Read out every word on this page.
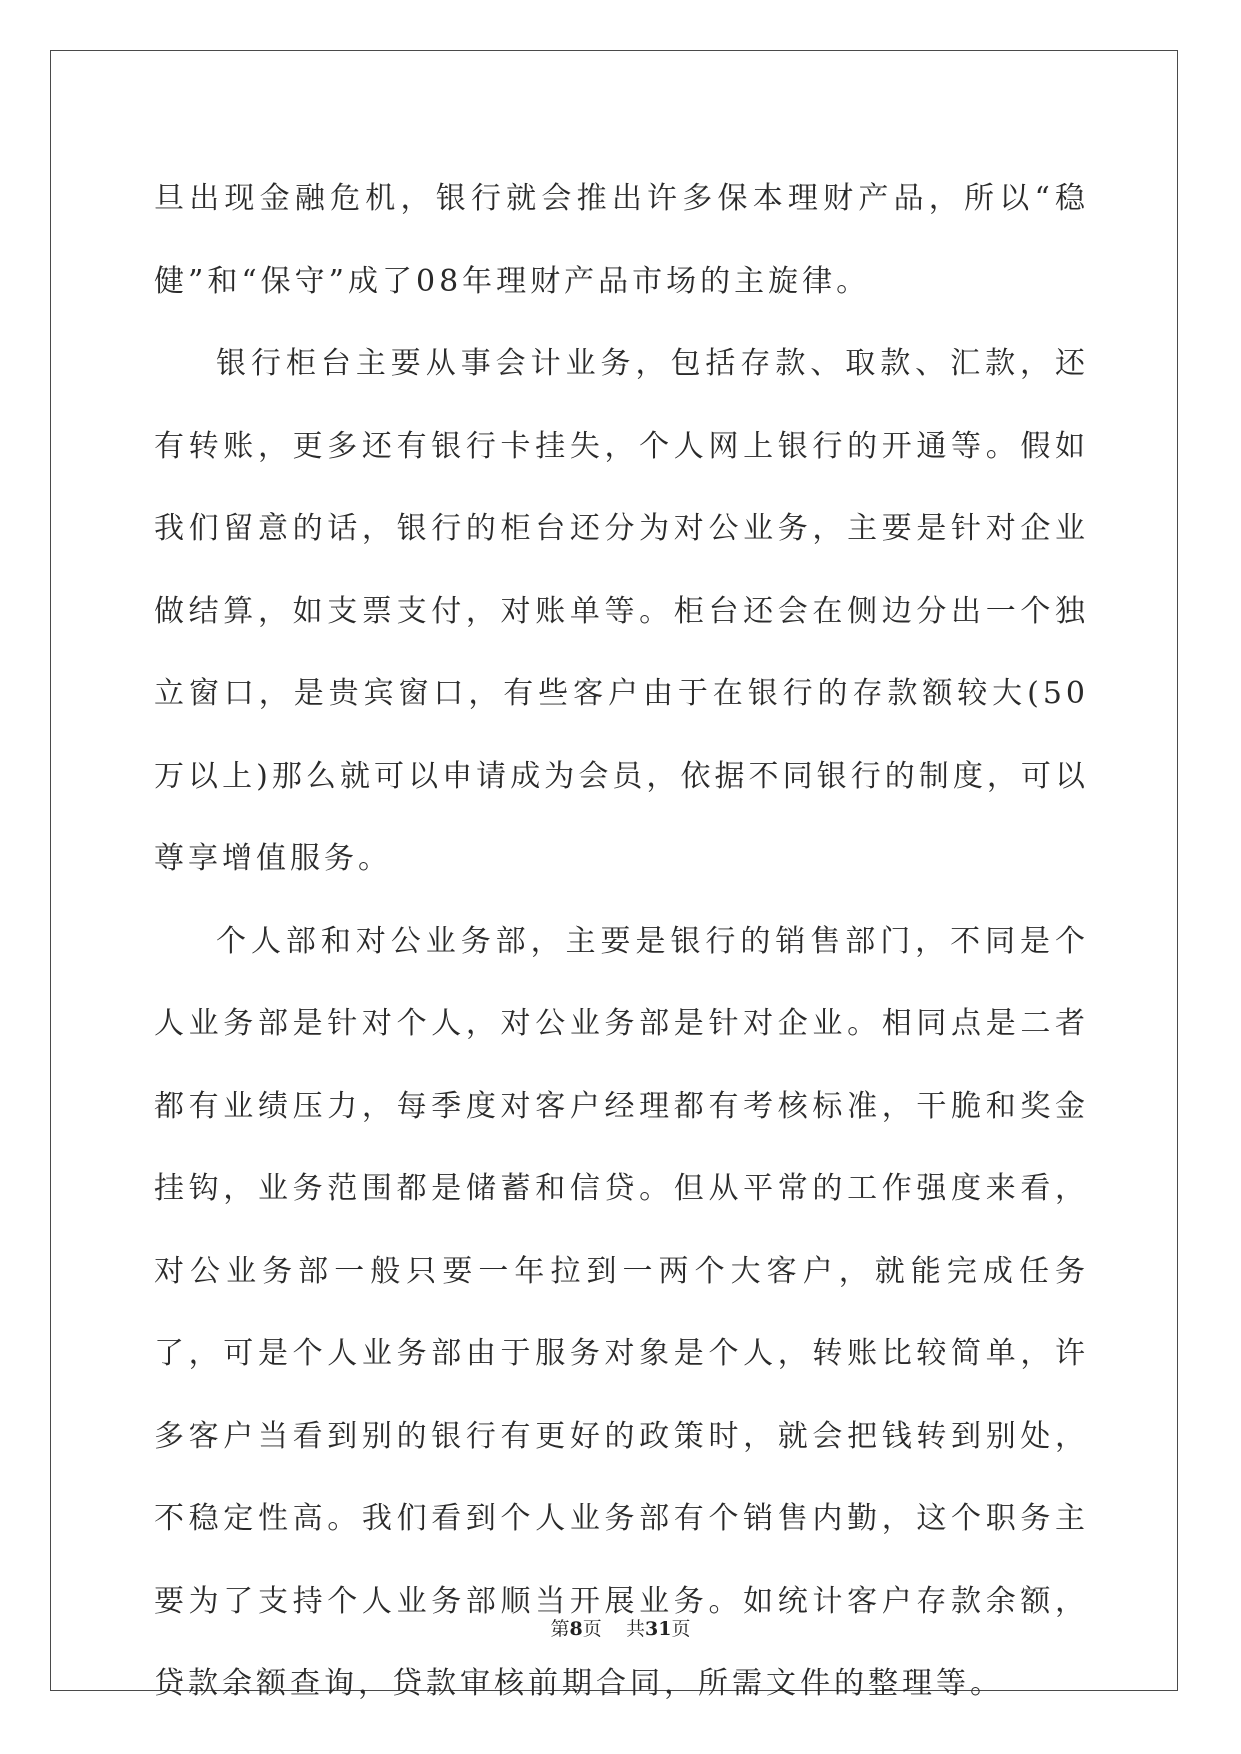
旦出现金融危机，银行就会推出许多保本理财产品，所以“稳健”和“保守”成了08年理财产品市场的主旋律。

银行柜台主要从事会计业务，包括存款、取款、汇款，还有转账，更多还有银行卡挂失，个人网上银行的开通等。假如我们留意的话，银行的柜台还分为对公业务，主要是针对企业做结算，如支票支付，对账单等。柜台还会在侧边分出一个独立窗口，是贵宾窗口，有些客户由于在银行的存款额较大(50万以上)那么就可以申请成为会员，依据不同银行的制度，可以尊享增值服务。

个人部和对公业务部，主要是银行的销售部门，不同是个人业务部是针对个人，对公业务部是针对企业。相同点是二者都有业绩压力，每季度对客户经理都有考核标准，干脆和奖金挂钩，业务范围都是储蓄和信贷。但从平常的工作强度来看，对公业务部一般只要一年拉到一两个大客户，就能完成任务了，可是个人业务部由于服务对象是个人，转账比较简单，许多客户当看到别的银行有更好的政策时，就会把钱转到别处，不稳定性高。我们看到个人业务部有个销售内勤，这个职务主要为了支持个人业务部顺当开展业务。如统计客户存款余额，贷款余额查询，贷款审核前期合同，所需文件的整理等。

第8页 共31页
